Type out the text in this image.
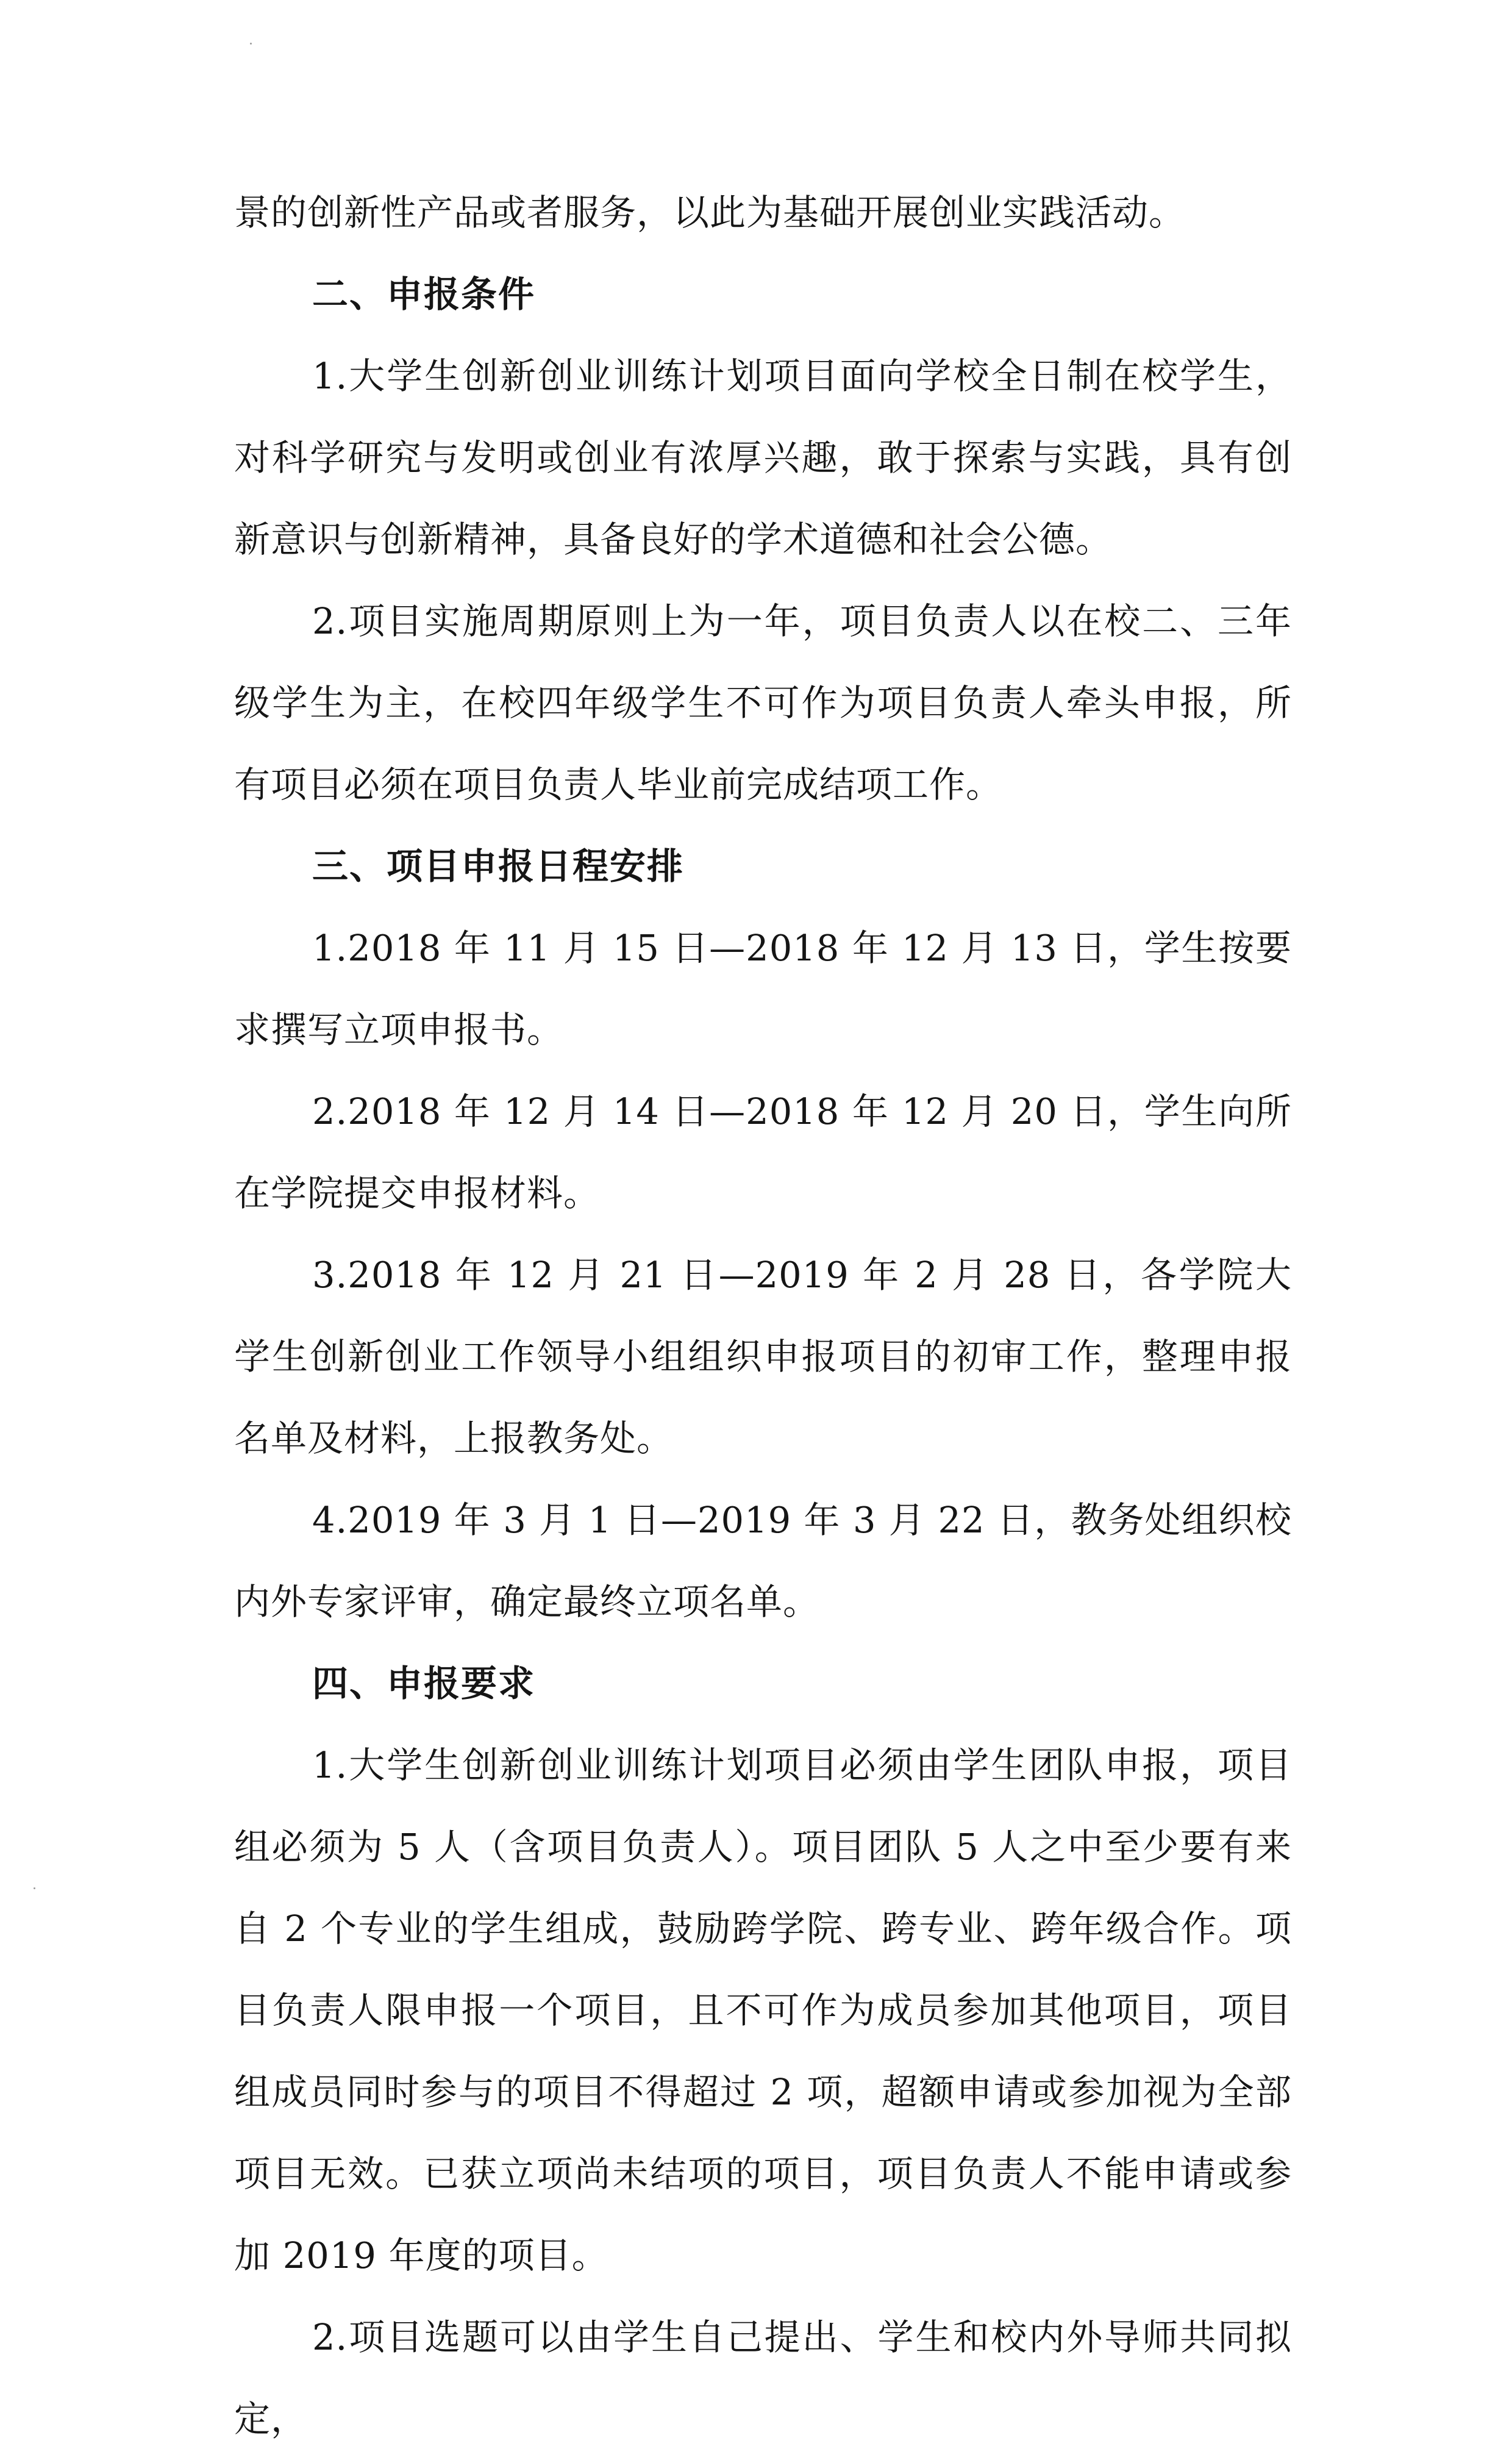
景的创新性产品或者服务，以此为基础开展创业实践活动。

二、申报条件

1.大学生创新创业训练计划项目面向学校全日制在校学生，对科学研究与发明或创业有浓厚兴趣，敢于探索与实践，具有创新意识与创新精神，具备良好的学术道德和社会公德。

2.项目实施周期原则上为一年，项目负责人以在校二、三年级学生为主，在校四年级学生不可作为项目负责人牵头申报，所有项目必须在项目负责人毕业前完成结项工作。

三、项目申报日程安排

1.2018 年 11 月 15 日—2018 年 12 月 13 日，学生按要求撰写立项申报书。

2.2018 年 12 月 14 日—2018 年 12 月 20 日，学生向所在学院提交申报材料。

3.2018 年 12 月 21 日—2019 年 2 月 28 日，各学院大学生创新创业工作领导小组组织申报项目的初审工作，整理申报名单及材料，上报教务处。

4.2019 年 3 月 1 日—2019 年 3 月 22 日，教务处组织校内外专家评审，确定最终立项名单。

四、申报要求

1.大学生创新创业训练计划项目必须由学生团队申报，项目组必须为 5 人（含项目负责人）。项目团队 5 人之中至少要有来自 2 个专业的学生组成，鼓励跨学院、跨专业、跨年级合作。项目负责人限申报一个项目，且不可作为成员参加其他项目，项目组成员同时参与的项目不得超过 2 项，超额申请或参加视为全部项目无效。已获立项尚未结项的项目，项目负责人不能申请或参加 2019 年度的项目。

2.项目选题可以由学生自己提出、学生和校内外导师共同拟定，
